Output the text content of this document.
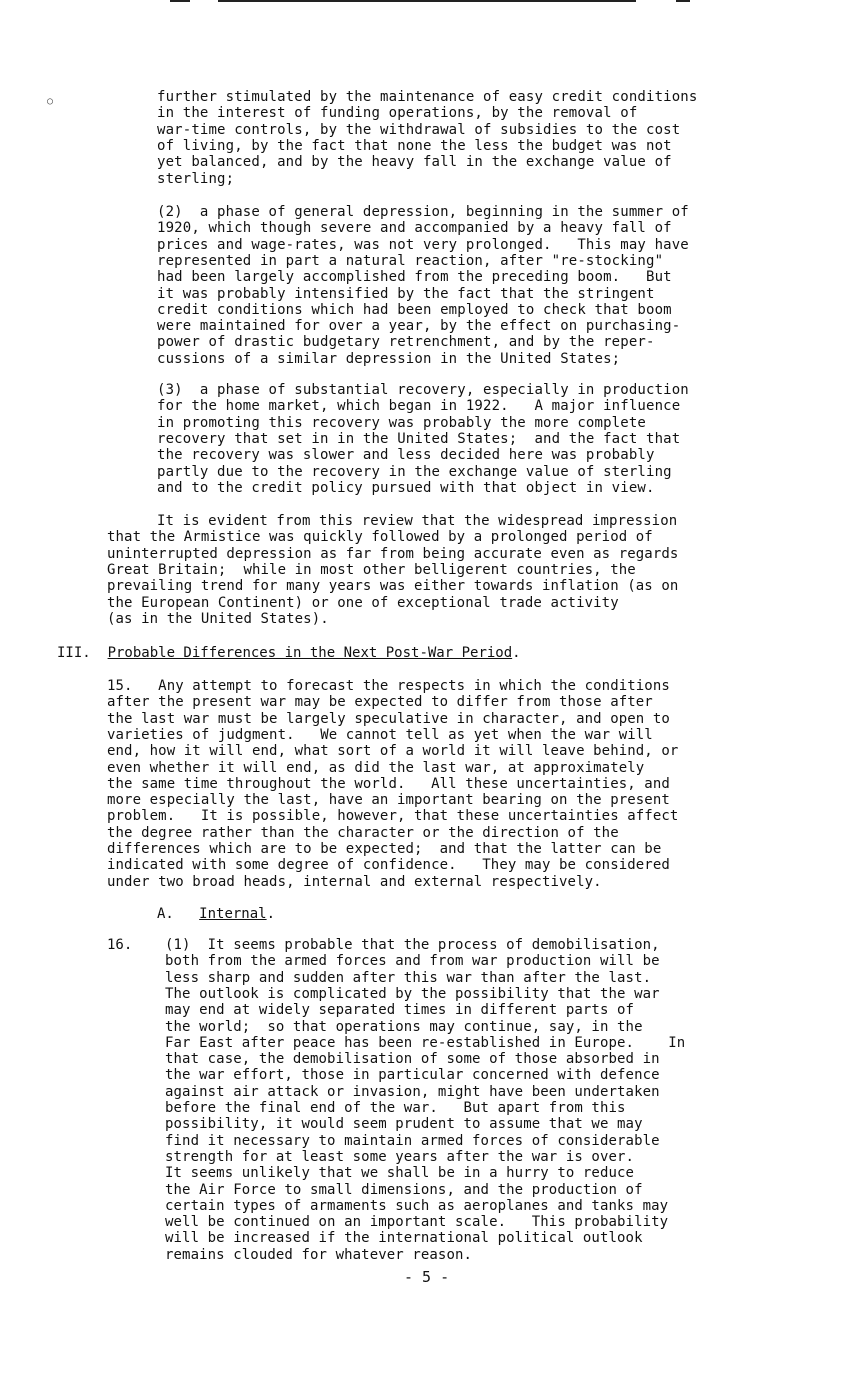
○	further stimulated by the maintenance of easy credit conditions
in the interest of funding operations, by the removal of
war-time controls, by the withdrawal of subsidies to the cost
of living, by the fact that none the less the budget was not
yet balanced, and by the heavy fall in the exchange value of
sterling;
(2)  a phase of general depression, beginning in the summer of
1920, which though severe and accompanied by a heavy fall of
prices and wage-rates, was not very prolonged.   This may have
represented in part a natural reaction, after "re-stocking"
had been largely accomplished from the preceding boom.   But
it was probably intensified by the fact that the stringent
credit conditions which had been employed to check that boom
were maintained for over a year, by the effect on purchasing-
power of drastic budgetary retrenchment, and by the reper-
cussions of a similar depression in the United States;
(3)  a phase of substantial recovery, especially in production
for the home market, which began in 1922.   A major influence
in promoting this recovery was probably the more complete
recovery that set in in the United States;  and the fact that
the recovery was slower and less decided here was probably
partly due to the recovery in the exchange value of sterling
and to the credit policy pursued with that object in view.
It is evident from this review that the widespread impression
that the Armistice was quickly followed by a prolonged period of
uninterrupted depression as far from being accurate even as regards
Great Britain;  while in most other belligerent countries, the
prevailing trend for many years was either towards inflation (as on
the European Continent) or one of exceptional trade activity
(as in the United States).
15.   Any attempt to forecast the respects in which the conditions
after the present war may be expected to differ from those after
the last war must be largely speculative in character, and open to
varieties of judgment.   We cannot tell as yet when the war will
end, how it will end, what sort of a world it will leave behind, or
even whether it will end, as did the last war, at approximately
the same time throughout the world.   All these uncertainties, and
more especially the last, have an important bearing on the present
problem.   It is possible, however, that these uncertainties affect
the degree rather than the character or the direction of the
differences which are to be expected;  and that the latter can be
indicated with some degree of confidence.   They may be considered
under two broad heads, internal and external respectively.
(1)  It seems probable that the process of demobilisation,
both from the armed forces and from war production will be
less sharp and sudden after this war than after the last.
The outlook is complicated by the possibility that the war
may end at widely separated times in different parts of
the world;  so that operations may continue, say, in the
Far East after peace has been re-established in Europe.    In
that case, the demobilisation of some of those absorbed in
the war effort, those in particular concerned with defence
against air attack or invasion, might have been undertaken
before the final end of the war.   But apart from this
possibility, it would seem prudent to assume that we may
find it necessary to maintain armed forces of considerable
strength for at least some years after the war is over.
It seems unlikely that we shall be in a hurry to reduce
the Air Force to small dimensions, and the production of
certain types of armaments such as aeroplanes and tanks may
well be continued on an important scale.   This probability
will be increased if the international political outlook
remains clouded for whatever reason.
III. Probable Differences in the Next Post-War Period.
A. Internal.
16.
- 5 -
